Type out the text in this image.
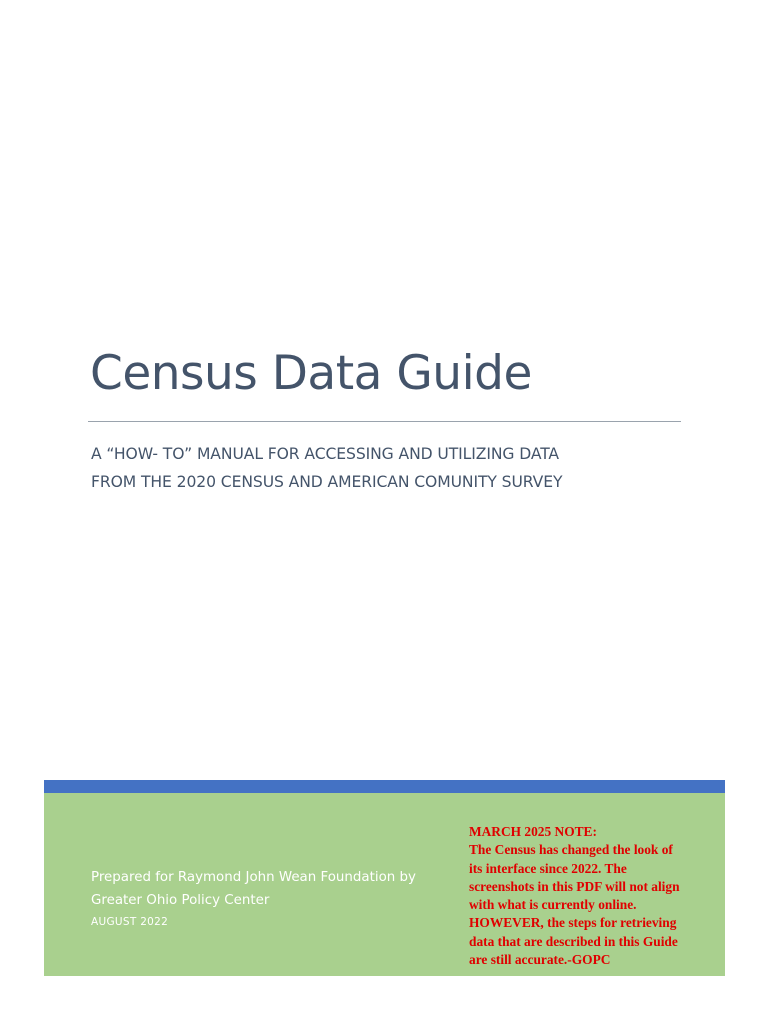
Census Data Guide
A “HOW- TO” MANUAL FOR ACCESSING AND UTILIZING DATA
FROM THE 2020 CENSUS AND AMERICAN COMUNITY SURVEY
Prepared for Raymond John Wean Foundation by
Greater Ohio Policy Center
AUGUST 2022
MARCH 2025 NOTE:
The Census has changed the look of
its interface since 2022. The
screenshots in this PDF will not align
with what is currently online.
HOWEVER, the steps for retrieving
data that are described in this Guide
are still accurate.-GOPC
